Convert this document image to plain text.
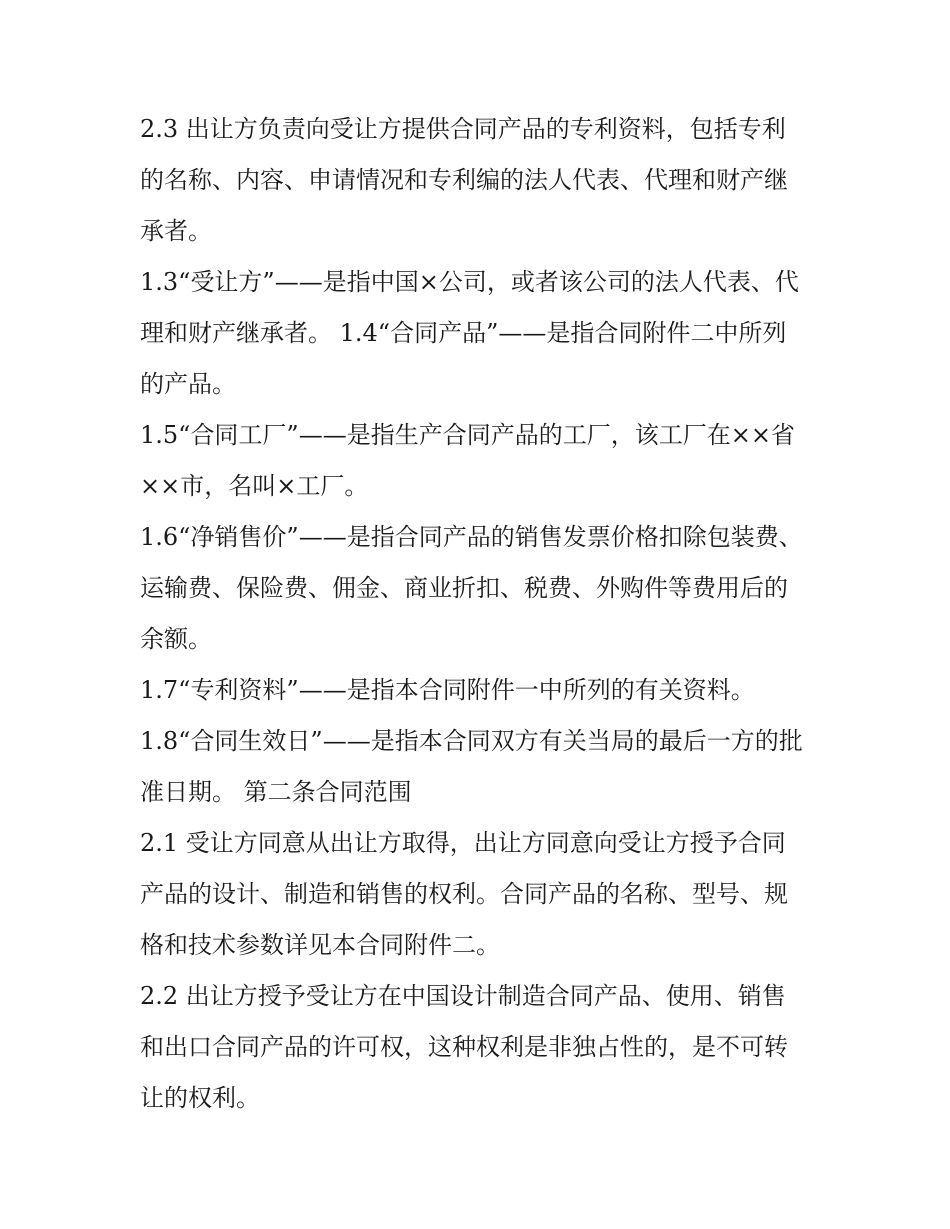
2.3 出让方负责向受让方提供合同产品的专利资料，包括专利
的名称、内容、申请情况和专利编的法人代表、代理和财产继
承者。
1.3“受让方”——是指中国×公司，或者该公司的法人代表、代
理和财产继承者。 1.4“合同产品”——是指合同附件二中所列
的产品。
1.5“合同工厂”——是指生产合同产品的工厂，该工厂在××省
××市，名叫×工厂。
1.6“净销售价”——是指合同产品的销售发票价格扣除包装费、
运输费、保险费、佣金、商业折扣、税费、外购件等费用后的
余额。
1.7“专利资料”——是指本合同附件一中所列的有关资料。
1.8“合同生效日”——是指本合同双方有关当局的最后一方的批
准日期。 第二条合同范围
2.1 受让方同意从出让方取得，出让方同意向受让方授予合同
产品的设计、制造和销售的权利。合同产品的名称、型号、规
格和技术参数详见本合同附件二。
2.2 出让方授予受让方在中国设计制造合同产品、使用、销售
和出口合同产品的许可权，这种权利是非独占性的，是不可转
让的权利。
